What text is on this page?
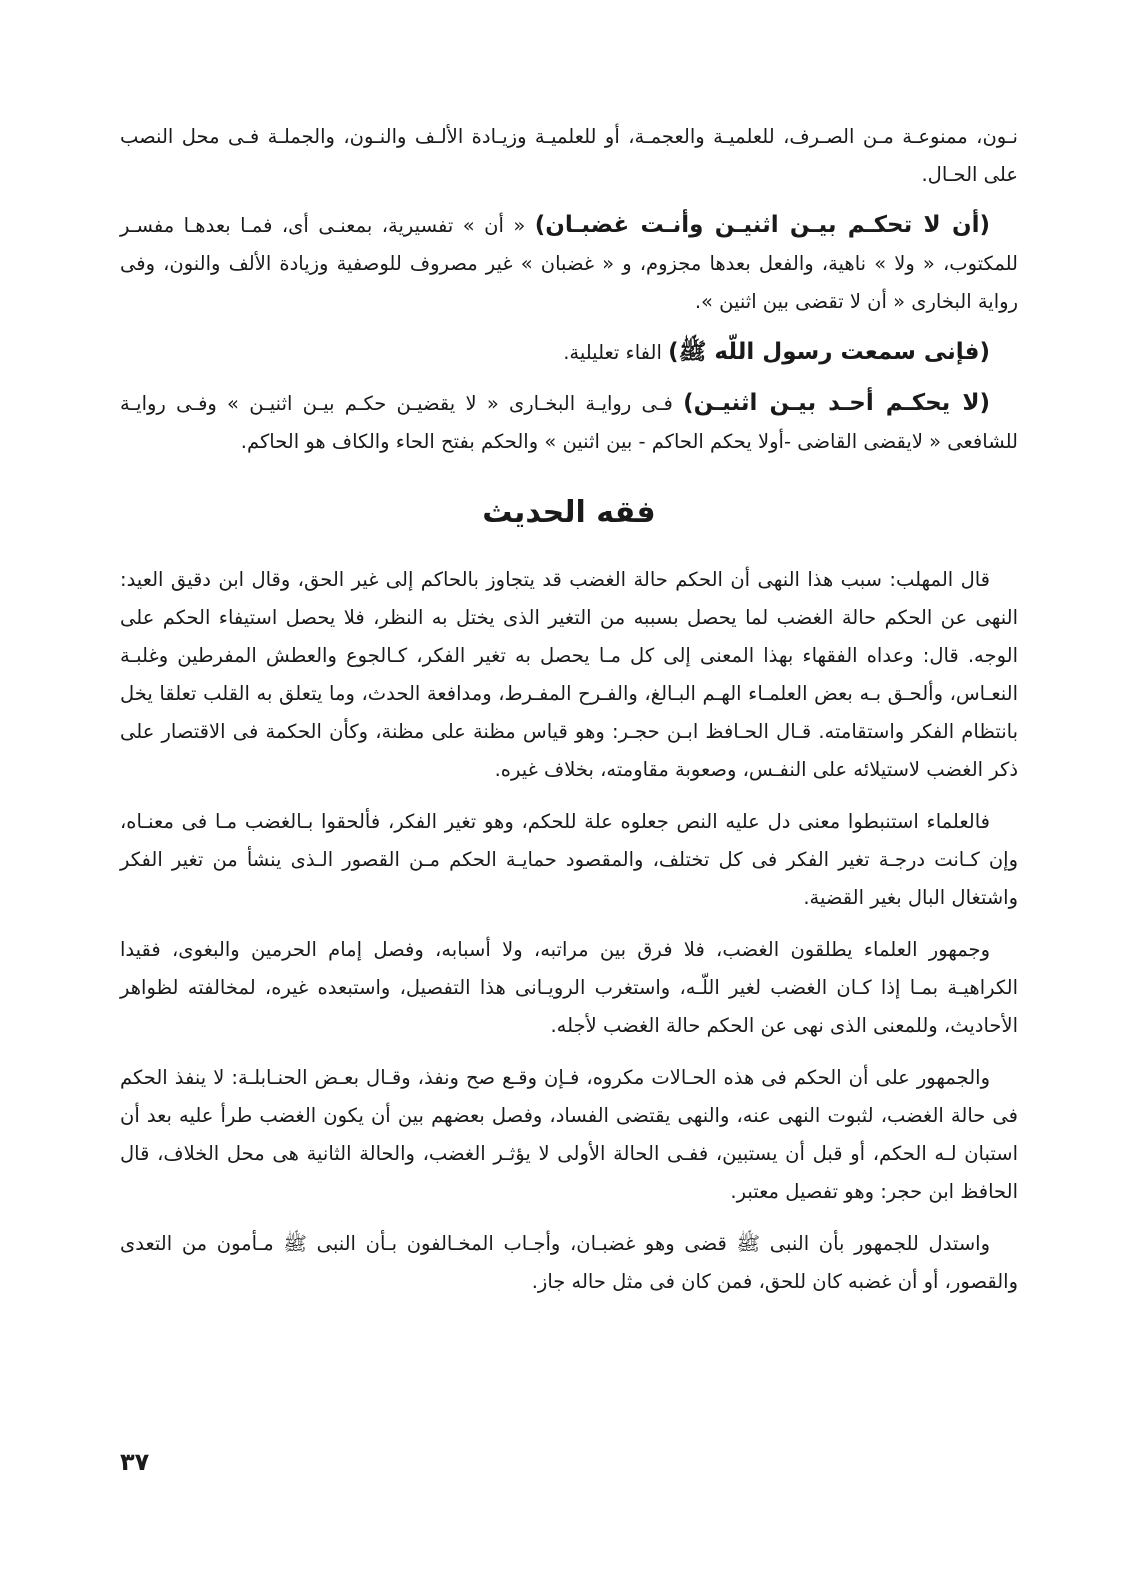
نـون، ممنوعـة مـن الصـرف، للعلميـة والعجمـة، أو للعلميـة وزيـادة الألـف والنـون، والجملـة فـى محل النصب على الحـال.

(أن لا تحكـم بيـن اثنيـن وأنـت غضبـان) « أن » تفسيرية، بمعنـى أى، فمـا بعدهـا مفسـر للمكتوب، « ولا » ناهية، والفعل بعدها مجزوم، و « غضبان » غير مصروف للوصفية وزيادة الألف والنون، وفى رواية البخارى « أن لا تقضى بين اثنين ».

(فإنى سمعت رسول اللّه ﷺ) الفاء تعليلية.

(لا يحكـم أحـد بيـن اثنيـن) فـى روايـة البخـارى « لا يقضيـن حكـم بيـن اثنيـن » وفـى روايـة للشافعى « لايقضى القاضى -أولا يحكم الحاكم - بين اثنين » والحكم بفتح الحاء والكاف هو الحاكم.

فقه الحديث

قال المهلب: سبب هذا النهى أن الحكم حالة الغضب قد يتجاوز بالحاكم إلى غير الحق، وقال ابن دقيق العيد: النهى عن الحكم حالة الغضب لما يحصل بسببه من التغير الذى يختل به النظر، فلا يحصل استيفاء الحكم على الوجه. قال: وعداه الفقهاء بهذا المعنى إلى كل مـا يحصل به تغير الفكر، كـالجوع والعطش المفرطين وغلبـة النعـاس، وألحـق بـه بعض العلمـاء الهـم البـالغ، والفـرح المفـرط، ومدافعة الحدث، وما يتعلق به القلب تعلقا يخل بانتظام الفكر واستقامته. قـال الحـافظ ابـن حجـر: وهو قياس مظنة على مظنة، وكأن الحكمة فى الاقتصار على ذكر الغضب لاستيلائه على النفـس، وصعوبة مقاومته، بخلاف غيره.

فالعلماء استنبطوا معنى دل عليه النص جعلوه علة للحكم، وهو تغير الفكر، فألحقوا بـالغضب مـا فى معنـاه، وإن كـانت درجـة تغير الفكر فى كل تختلف، والمقصود حمايـة الحكم مـن القصور الـذى ينشأ من تغير الفكر واشتغال البال بغير القضية.

وجمهور العلماء يطلقون الغضب، فلا فرق بين مراتبه، ولا أسبابه، وفصل إمام الحرمين والبغوى، فقيدا الكراهيـة بمـا إذا كـان الغضب لغير اللّـه، واستغرب الرويـانى هذا التفصيل، واستبعده غيره، لمخالفته لظواهر الأحاديث، وللمعنى الذى نهى عن الحكم حالة الغضب لأجله.

والجمهور على أن الحكم فى هذه الحـالات مكروه، فـإن وقـع صح ونفذ، وقـال بعـض الحنـابلـة: لا ينفذ الحكم فى حالة الغضب، لثبوت النهى عنه، والنهى يقتضى الفساد، وفصل بعضهم بين أن يكون الغضب طرأ عليه بعد أن استبان لـه الحكم، أو قبل أن يستبين، ففـى الحالة الأولى لا يؤثـر الغضب، والحالة الثانية هى محل الخلاف، قال الحافظ ابن حجر: وهو تفصيل معتبر.

واستدل للجمهور بأن النبى ﷺ قضى وهو غضبـان، وأجـاب المخـالفون بـأن النبى ﷺ مـأمون من التعدى والقصور، أو أن غضبه كان للحق، فمن كان فى مثل حاله جاز.

٣٧
